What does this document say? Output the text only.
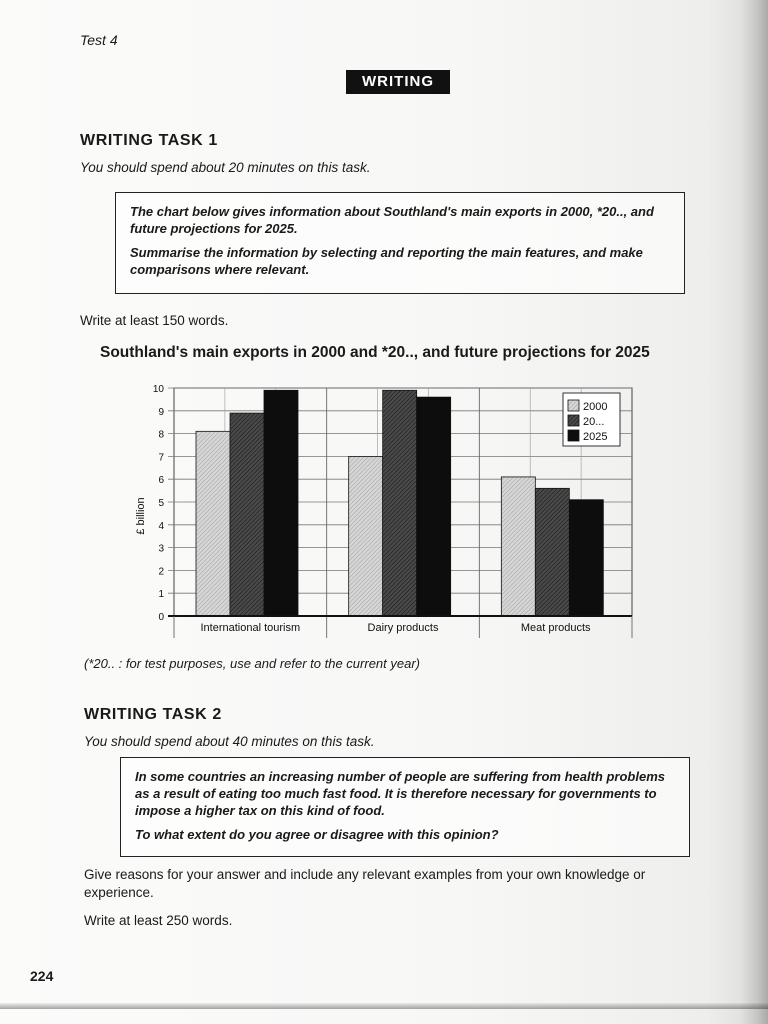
Test 4
WRITING
WRITING TASK 1
You should spend about 20 minutes on this task.

The chart below gives information about Southland's main exports in 2000, *20.., and future projections for 2025.

Summarise the information by selecting and reporting the main features, and make comparisons where relevant.

Write at least 150 words.
Southland's main exports in 2000 and *20.., and future projections for 2025
0
1
2
3
4
5
6
7
8
9
10
International tourism	Dairy products	Meat products
£ billion
2000
20...
2025
(*20.. : for test purposes, use and refer to the current year)
WRITING TASK 2
You should spend about 40 minutes on this task.

In some countries an increasing number of people are suffering from health problems as a result of eating too much fast food. It is therefore necessary for governments to impose a higher tax on this kind of food.

To what extent do you agree or disagree with this opinion?

Give reasons for your answer and include any relevant examples from your own knowledge or experience.
Write at least 250 words.
224
